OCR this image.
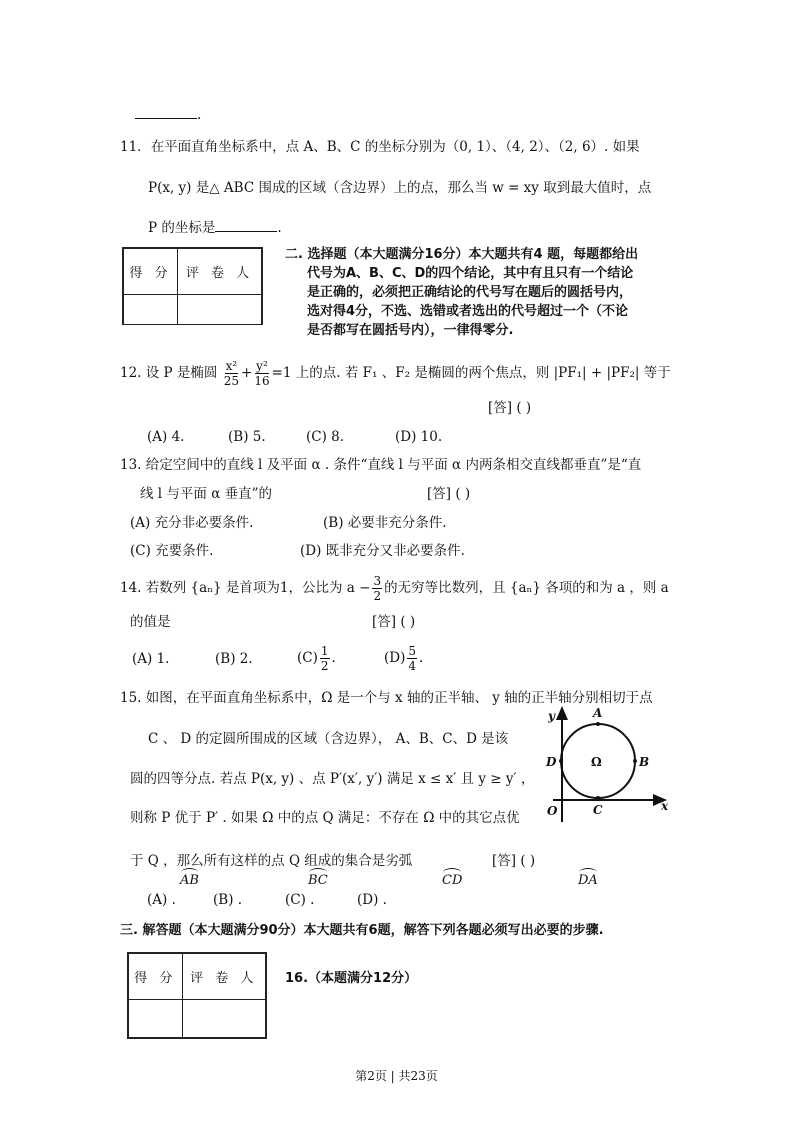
.
11．在平面直角坐标系中，点 A、B、C 的坐标分别为（0, 1）、（4, 2）、（2, 6）. 如果
P(x, y) 是△ ABC 围成的区域（含边界）上的点，那么当 w = xy 取到最大值时，点
P 的坐标是	.
得 分	评 卷 人

二. 选择题（本大题满分16分）本大题共有4 题，每题都给出
代号为A、B、C、D的四个结论，其中有且只有一个结论
是正确的，必须把正确结论的代号写在题后的圆括号内，
选对得4分，不选、选错或者选出的代号超过一个（不论
是否都写在圆括号内），一律得零分.
12. 设 P 是椭圆 $\frac{\text{x²}}{25} + \frac{\text{y²}}{16} =1$ 上的点. 若 F₁ 、F₂ 是椭圆的两个焦点，则 |PF₁| + |PF₂| 等于
[答] ( )
(A) 4.	(B) 5.	(C) 8.	(D) 10.
13. 给定空间中的直线 l 及平面 α . 条件“直线 l 与平面 α 内两条相交直线都垂直”是“直
线 l 与平面 α 垂直”的	[答] ( )
(A) 充分非必要条件.	(B) 必要非充分条件.
(C) 充要条件.	(D) 既非充分又非必要条件.
14. 若数列 {aₙ} 是首项为1，公比为 $a - \frac{3}{2}$ 的无穷等比数列，且 {aₙ} 各项的和为 a ，则 a
的值是	[答] ( )
(A) 1.	(B) 2.	$(C) \frac{1}{2}$ .	$(D) \frac{5}{4}$ .
15. 如图，在平面直角坐标系中，Ω 是一个与 x 轴的正半轴、 y 轴的正半轴分别相切于点
C 、 D 的定圆所围成的区域（含边界）， A、B、C、D 是该
圆的四等分点. 若点 P(x, y) 、点 P′(x′, y′) 满足 x ≤ x′ 且 y ≥ y′ ，
则称 P 优于 P′ . 如果 Ω 中的点 Q 满足：不存在 Ω 中的其它点优
于 Q ，那么所有这样的点 Q 组成的集合是劣弧	[答] ( )
AB	BC	CD	DA
(A) .	(B) .	(C) .	(D) .
y
x
O
A
B
C
D	Ω
三. 解答题（本大题满分90分）本大题共有6题，解答下列各题必须写出必要的步骤.
得 分	评 卷 人
	16.（本题满分12分）
第2页 | 共23页
